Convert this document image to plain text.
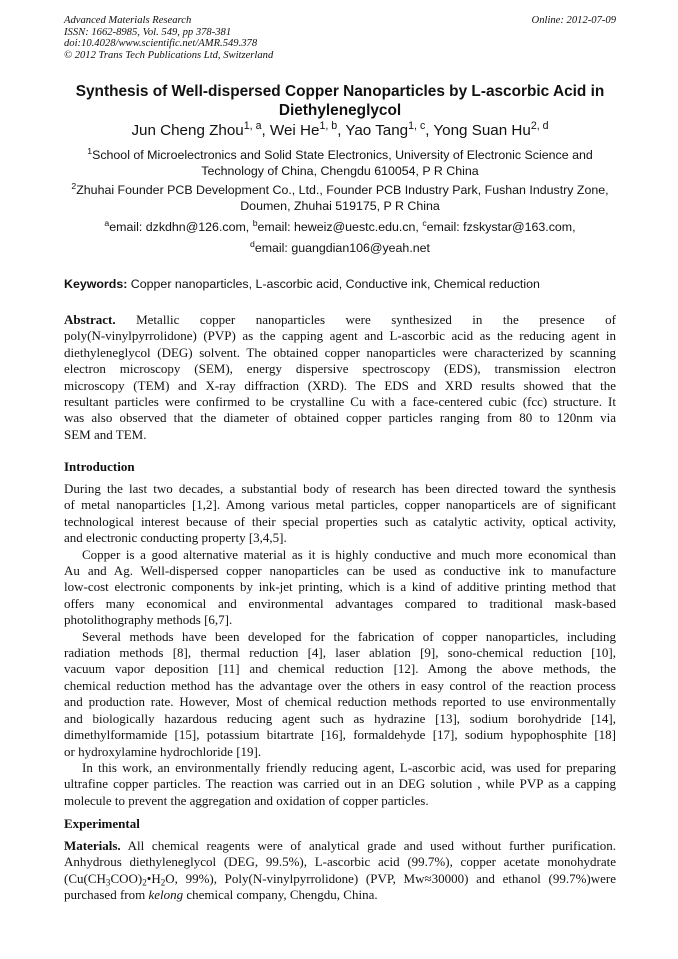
Advanced Materials Research
ISSN: 1662-8985, Vol. 549, pp 378-381
doi:10.4028/www.scientific.net/AMR.549.378
© 2012 Trans Tech Publications Ltd, Switzerland
Online: 2012-07-09
Synthesis of Well-dispersed Copper Nanoparticles by L-ascorbic Acid in
Diethyleneglycol
Jun Cheng Zhou$^{1, a}$, Wei He$^{1, b}$, Yao Tang$^{1, c}$, Yong Suan Hu$^{2, d}$
$^1$School of Microelectronics and Solid State Electronics, University of Electronic Science and
Technology of China, Chengdu 610054, P R China
$^2$Zhuhai Founder PCB Development Co., Ltd., Founder PCB Industry Park, Fushan Industry Zone,
Doumen, Zhuhai 519175, P R China
$^a$email: dzkdhn@126.com, $^b$email: heweiz@uestc.edu.cn, $^c$email: fzskystar@163.com,
$^d$email: guangdian106@yeah.net
Keywords: Copper nanoparticles, L-ascorbic acid, Conductive ink, Chemical reduction
Abstract. Metallic copper nanoparticles were synthesized in the presence of
poly(N-vinylpyrrolidone) (PVP) as the capping agent and L-ascorbic acid as the reducing agent in
diethyleneglycol (DEG) solvent. The obtained copper nanoparticles were characterized by scanning
electron microscopy (SEM), energy dispersive spectroscopy (EDS), transmission electron
microscopy (TEM) and X-ray diffraction (XRD). The EDS and XRD results showed that the
resultant particles were confirmed to be crystalline Cu with a face-centered cubic (fcc) structure. It
was also observed that the diameter of obtained copper particles ranging from 80 to 120nm via
SEM and TEM.
Introduction
During the last two decades, a substantial body of research has been directed toward the synthesis
of metal nanoparticles [1,2]. Among various metal particles, copper nanoparticels are of significant
technological interest because of their special properties such as catalytic activity, optical activity,
and electronic conducting property [3,4,5].
Copper is a good alternative material as it is highly conductive and much more economical than
Au and Ag. Well-dispersed copper nanoparticles can be used as conductive ink to manufacture
low-cost electronic components by ink-jet printing, which is a kind of additive printing method that
offers many economical and environmental advantages compared to traditional mask-based
photolithography methods [6,7].
Several methods have been developed for the fabrication of copper nanoparticles, including
radiation methods [8], thermal reduction [4], laser ablation [9], sono-chemical reduction [10],
vacuum vapor deposition [11] and chemical reduction [12]. Among the above methods, the
chemical reduction method has the advantage over the others in easy control of the reaction process
and production rate. However, Most of chemical reduction methods reported to use environmentally
and biologically hazardous reducing agent such as hydrazine [13], sodium borohydride [14],
dimethylformamide [15], potassium bitartrate [16], formaldehyde [17], sodium hypophosphite [18]
or hydroxylamine hydrochloride [19].
In this work, an environmentally friendly reducing agent, L-ascorbic acid, was used for preparing
ultrafine copper particles. The reaction was carried out in an DEG solution , while PVP as a capping
molecule to prevent the aggregation and oxidation of copper particles.
Experimental
Materials. All chemical reagents were of analytical grade and used without further purification.
Anhydrous diethyleneglycol (DEG, 99.5%), L-ascorbic acid (99.7%), copper acetate monohydrate
($Cu(CH_3COO)_2•H_2O$, 99%), Poly(N-vinylpyrrolidone) (PVP, Mw≈30000) and ethanol (99.7%)were
purchased from kelong chemical company, Chengdu, China.
